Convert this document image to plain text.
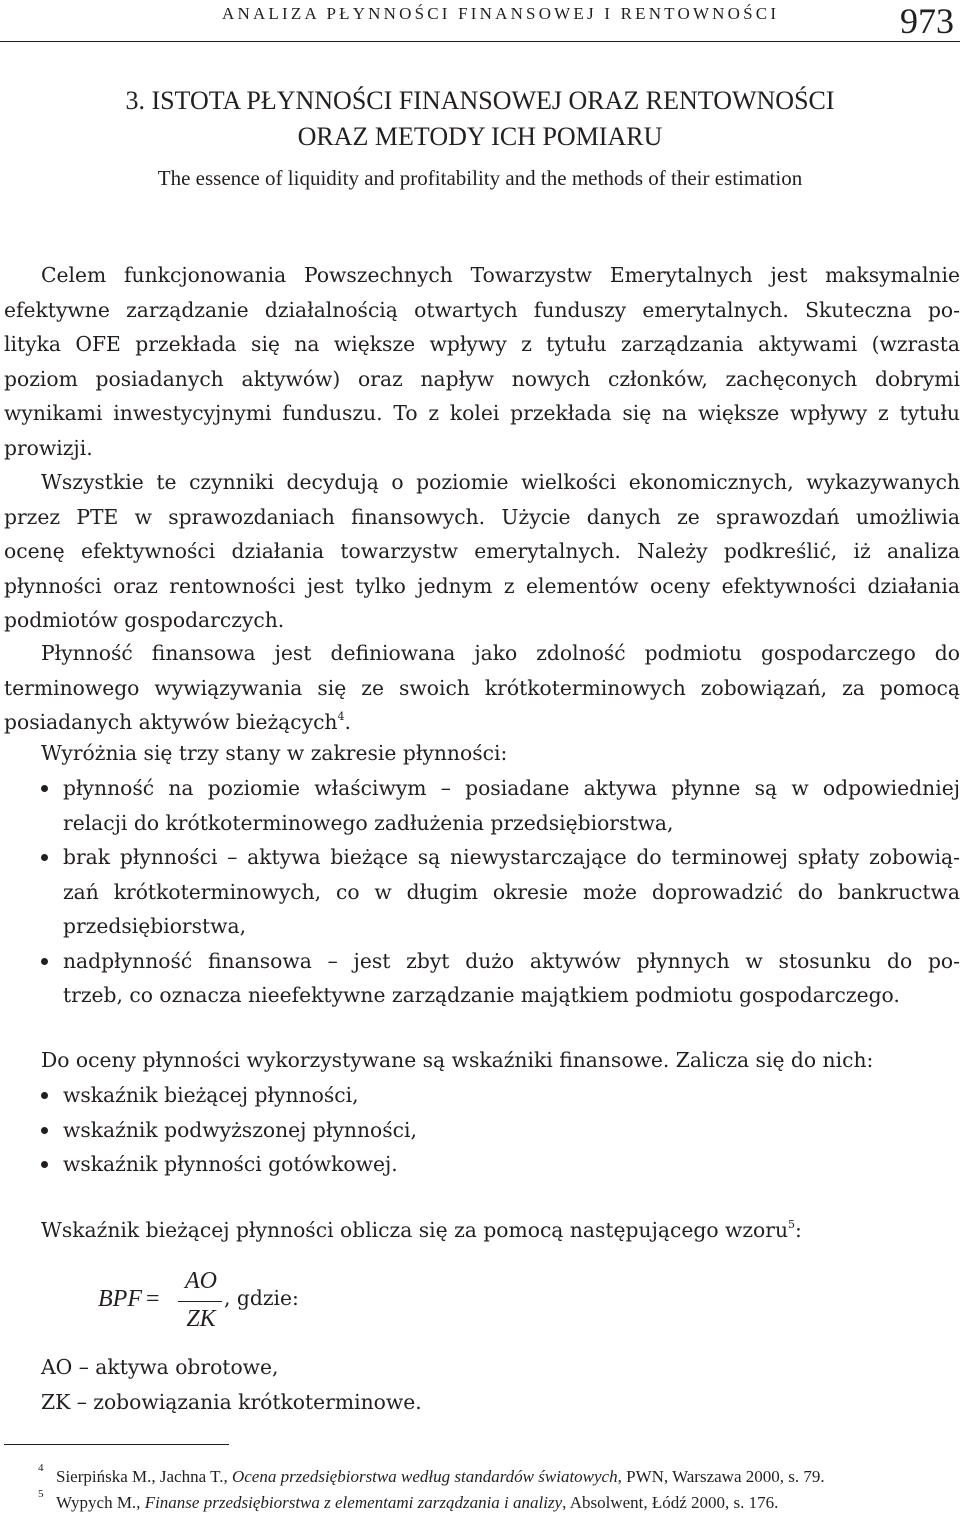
ANALIZA PŁYNNOŚCI FINANSOWEJ I RENTOWNOŚCI	973
3. ISTOTA PŁYNNOŚCI FINANSOWEJ ORAZ RENTOWNOŚCI
ORAZ METODY ICH POMIARU
The essence of liquidity and profitability and the methods of their estimation
Celem funkcjonowania Powszechnych Towarzystw Emerytalnych jest maksymalnie
efektywne zarządzanie działalnością otwartych funduszy emerytalnych. Skuteczna po-
lityka OFE przekłada się na większe wpływy z tytułu zarządzania aktywami (wzrasta
poziom posiadanych aktywów) oraz napływ nowych członków, zachęconych dobrymi
wynikami inwestycyjnymi funduszu. To z kolei przekłada się na większe wpływy z tytułu
prowizji.
Wszystkie te czynniki decydują o poziomie wielkości ekonomicznych, wykazywanych
przez PTE w sprawozdaniach finansowych. Użycie danych ze sprawozdań umożliwia
ocenę efektywności działania towarzystw emerytalnych. Należy podkreślić, iż analiza
płynności oraz rentowności jest tylko jednym z elementów oceny efektywności działania
podmiotów gospodarczych.
Płynność finansowa jest definiowana jako zdolność podmiotu gospodarczego do
terminowego wywiązywania się ze swoich krótkoterminowych zobowiązań, za pomocą
posiadanych aktywów bieżących$^4$.
Wyróżnia się trzy stany w zakresie płynności:
płynność na poziomie właściwym – posiadane aktywa płynne są w odpowiedniej
relacji do krótkoterminowego zadłużenia przedsiębiorstwa,
brak płynności – aktywa bieżące są niewystarczające do terminowej spłaty zobowią-
zań krótkoterminowych, co w długim okresie może doprowadzić do bankructwa
przedsiębiorstwa,
nadpłynność finansowa – jest zbyt dużo aktywów płynnych w stosunku do po-
trzeb, co oznacza nieefektywne zarządzanie majątkiem podmiotu gospodarczego.
Do oceny płynności wykorzystywane są wskaźniki finansowe. Zalicza się do nich:
wskaźnik bieżącej płynności,
wskaźnik podwyższonej płynności,
wskaźnik płynności gotówkowej.
Wskaźnik bieżącej płynności oblicza się za pomocą następującego wzoru$^5$:
BPF =
AO
ZK
, gdzie:
AO – aktywa obrotowe,
ZK – zobowiązania krótkoterminowe.
4 Sierpińska M., Jachna T., Ocena przedsiębiorstwa według standardów światowych, PWN, Warszawa 2000, s. 79.
5 Wypych M., Finanse przedsiębiorstwa z elementami zarządzania i analizy, Absolwent, Łódź 2000, s. 176.
